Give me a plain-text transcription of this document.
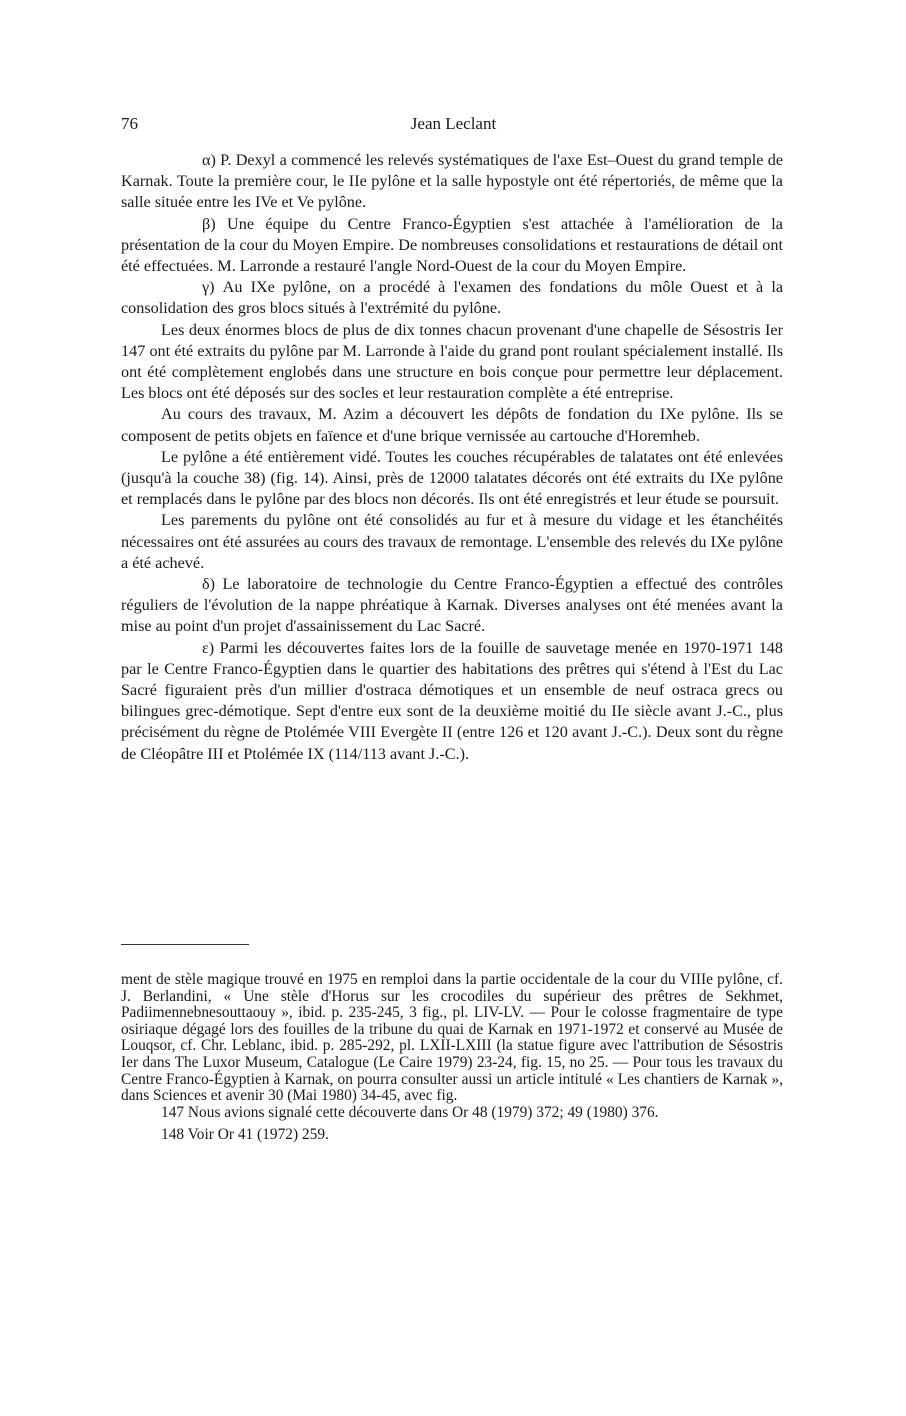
76	Jean Leclant

α) P. Dexyl a commencé les relevés systématiques de l'axe Est–Ouest du grand temple de Karnak. Toute la première cour, le IIe pylône et la salle hypostyle ont été répertoriés, de même que la salle située entre les IVe et Ve pylône.

β) Une équipe du Centre Franco-Égyptien s'est attachée à l'amélioration de la présentation de la cour du Moyen Empire. De nombreuses consolidations et restaurations de détail ont été effectuées. M. Larronde a restauré l'angle Nord-Ouest de la cour du Moyen Empire.

γ) Au IXe pylône, on a procédé à l'examen des fondations du môle Ouest et à la consolidation des gros blocs situés à l'extrémité du pylône.

Les deux énormes blocs de plus de dix tonnes chacun provenant d'une chapelle de Sésostris Ier 147 ont été extraits du pylône par M. Larronde à l'aide du grand pont roulant spécialement installé. Ils ont été complètement englobés dans une structure en bois conçue pour permettre leur déplacement. Les blocs ont été déposés sur des socles et leur restauration complète a été entreprise.

Au cours des travaux, M. Azim a découvert les dépôts de fondation du IXe pylône. Ils se composent de petits objets en faïence et d'une brique vernissée au cartouche d'Horemheb.

Le pylône a été entièrement vidé. Toutes les couches récupérables de talatates ont été enlevées (jusqu'à la couche 38) (fig. 14). Ainsi, près de 12000 talatates décorés ont été extraits du IXe pylône et remplacés dans le pylône par des blocs non décorés. Ils ont été enregistrés et leur étude se poursuit.

Les parements du pylône ont été consolidés au fur et à mesure du vidage et les étanchéités nécessaires ont été assurées au cours des travaux de remontage. L'ensemble des relevés du IXe pylône a été achevé.

δ) Le laboratoire de technologie du Centre Franco-Égyptien a effectué des contrôles réguliers de l'évolution de la nappe phréatique à Karnak. Diverses analyses ont été menées avant la mise au point d'un projet d'assainissement du Lac Sacré.

ε) Parmi les découvertes faites lors de la fouille de sauvetage menée en 1970-1971 148 par le Centre Franco-Égyptien dans le quartier des habitations des prêtres qui s'étend à l'Est du Lac Sacré figuraient près d'un millier d'ostraca démotiques et un ensemble de neuf ostraca grecs ou bilingues grec-démotique. Sept d'entre eux sont de la deuxième moitié du IIe siècle avant J.-C., plus précisément du règne de Ptolémée VIII Evergète II (entre 126 et 120 avant J.-C.). Deux sont du règne de Cléopâtre III et Ptolémée IX (114/113 avant J.-C.).

ment de stèle magique trouvé en 1975 en remploi dans la partie occidentale de la cour du VIIIe pylône, cf. J. Berlandini, « Une stèle d'Horus sur les crocodiles du supérieur des prêtres de Sekhmet, Padiimennebnesouttaouy », ibid. p. 235-245, 3 fig., pl. LIV-LV. — Pour le colosse fragmentaire de type osiriaque dégagé lors des fouilles de la tribune du quai de Karnak en 1971-1972 et conservé au Musée de Louqsor, cf. Chr. Leblanc, ibid. p. 285-292, pl. LXII-LXIII (la statue figure avec l'attribution de Sésostris Ier dans The Luxor Museum, Catalogue (Le Caire 1979) 23-24, fig. 15, no 25. — Pour tous les travaux du Centre Franco-Égyptien à Karnak, on pourra consulter aussi un article intitulé « Les chantiers de Karnak », dans Sciences et avenir 30 (Mai 1980) 34-45, avec fig.

147 Nous avions signalé cette découverte dans Or 48 (1979) 372; 49 (1980) 376.

148 Voir Or 41 (1972) 259.
